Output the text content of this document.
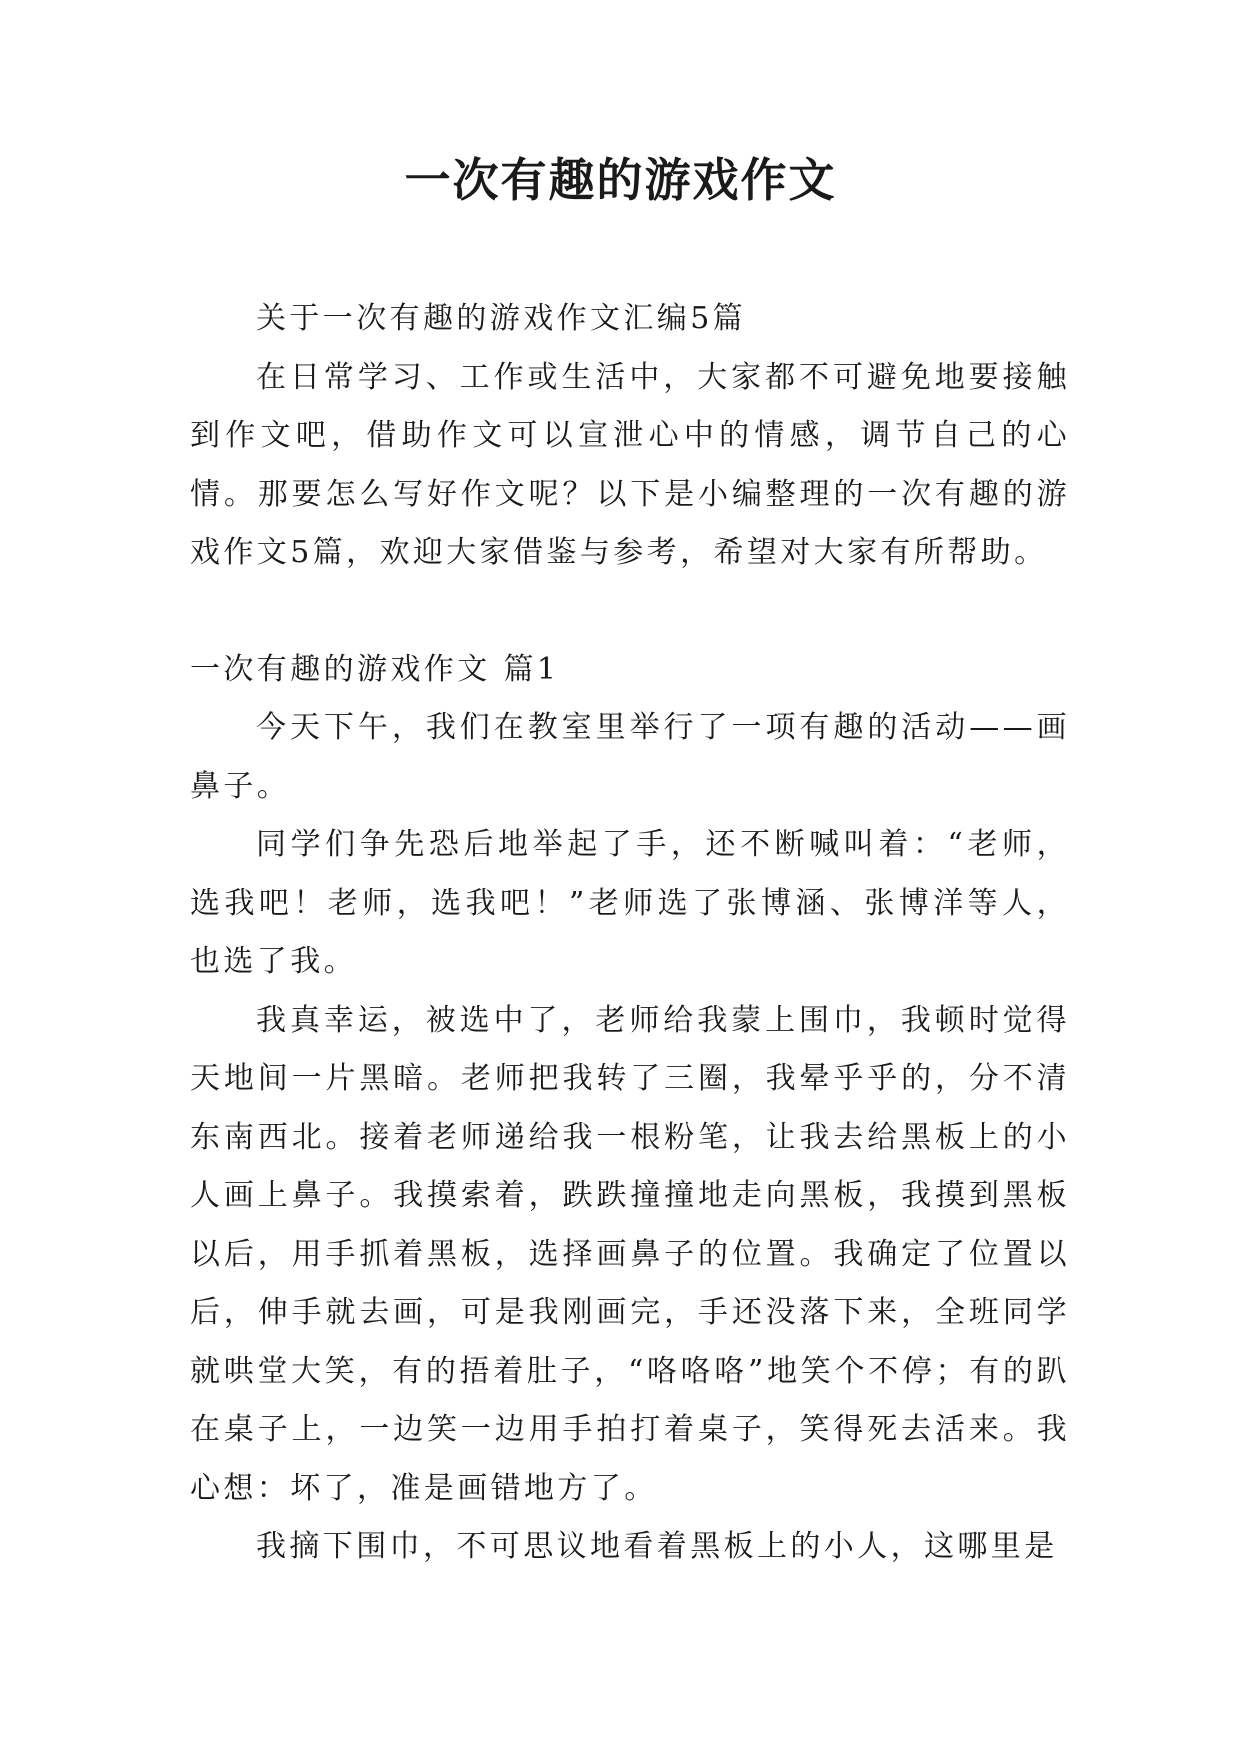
一次有趣的游戏作文

关于一次有趣的游戏作文汇编5篇

在日常学习、工作或生活中，大家都不可避免地要接触到作文吧，借助作文可以宣泄心中的情感，调节自己的心情。那要怎么写好作文呢？以下是小编整理的一次有趣的游戏作文5篇，欢迎大家借鉴与参考，希望对大家有所帮助。

一次有趣的游戏作文 篇1

今天下午，我们在教室里举行了一项有趣的活动——画鼻子。

同学们争先恐后地举起了手，还不断喊叫着：“老师，选我吧！老师，选我吧！”老师选了张博涵、张博洋等人，也选了我。

我真幸运，被选中了，老师给我蒙上围巾，我顿时觉得天地间一片黑暗。老师把我转了三圈，我晕乎乎的，分不清东南西北。接着老师递给我一根粉笔，让我去给黑板上的小人画上鼻子。我摸索着，跌跌撞撞地走向黑板，我摸到黑板以后，用手抓着黑板，选择画鼻子的位置。我确定了位置以后，伸手就去画，可是我刚画完，手还没落下来，全班同学就哄堂大笑，有的捂着肚子，“咯咯咯”地笑个不停；有的趴在桌子上，一边笑一边用手拍打着桌子，笑得死去活来。我心想：坏了，准是画错地方了。

我摘下围巾，不可思议地看着黑板上的小人，这哪里是
